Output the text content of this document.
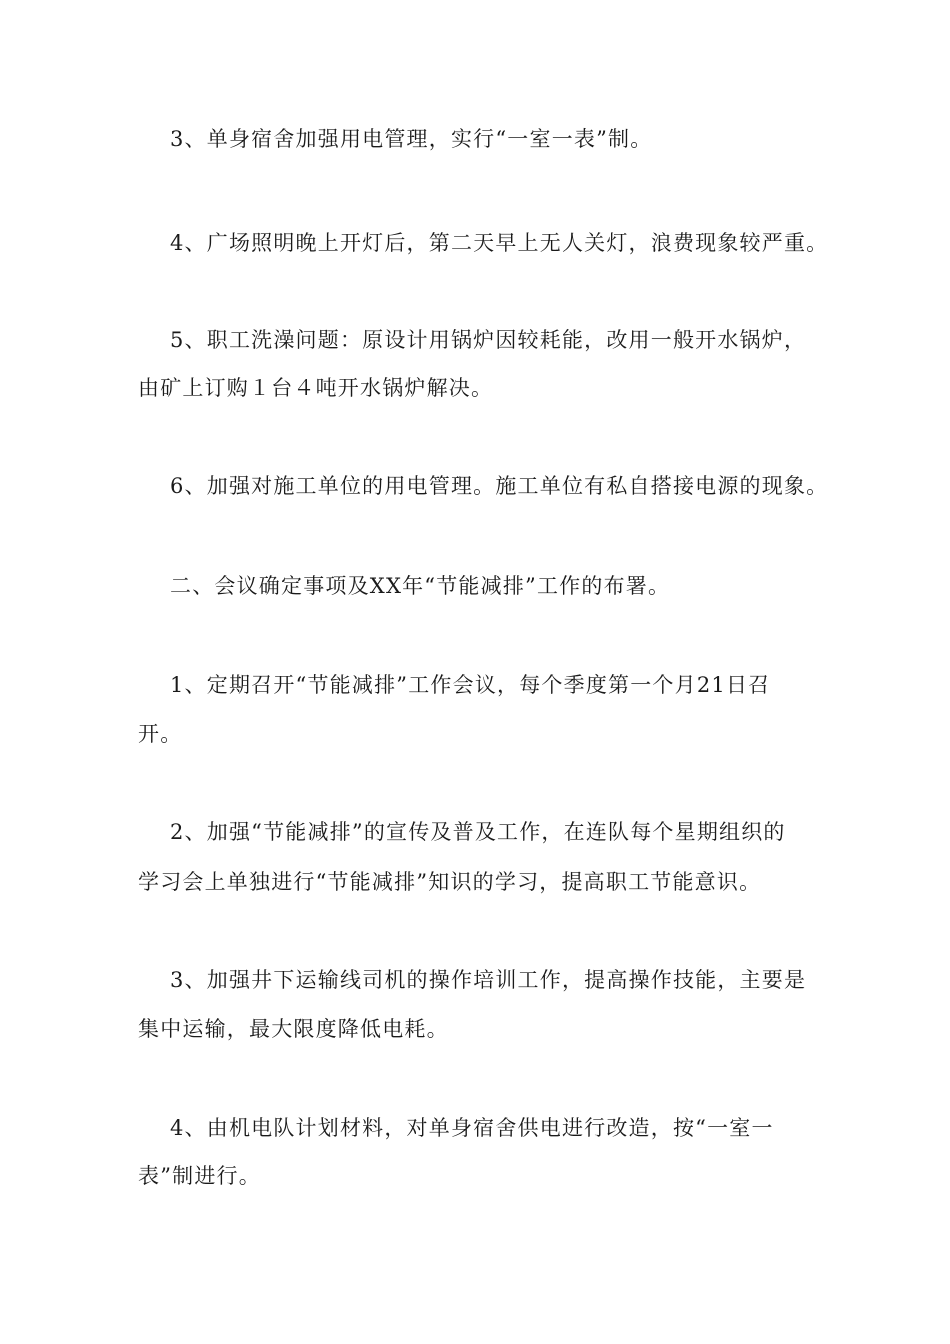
3、单身宿舍加强用电管理，实行“一室一表”制。

4、广场照明晚上开灯后，第二天早上无人关灯，浪费现象较严重。

5、职工洗澡问题：原设计用锅炉因较耗能，改用一般开水锅炉，

由矿上订购１台４吨开水锅炉解决。

6、加强对施工单位的用电管理。施工单位有私自搭接电源的现象。

二、会议确定事项及XX年“节能减排”工作的布署。

1、定期召开“节能减排”工作会议，每个季度第一个月21日召

开。

2、加强“节能减排”的宣传及普及工作，在连队每个星期组织的

学习会上单独进行“节能减排”知识的学习，提高职工节能意识。

3、加强井下运输线司机的操作培训工作，提高操作技能，主要是

集中运输，最大限度降低电耗。

4、由机电队计划材料，对单身宿舍供电进行改造，按“一室一

表”制进行。
